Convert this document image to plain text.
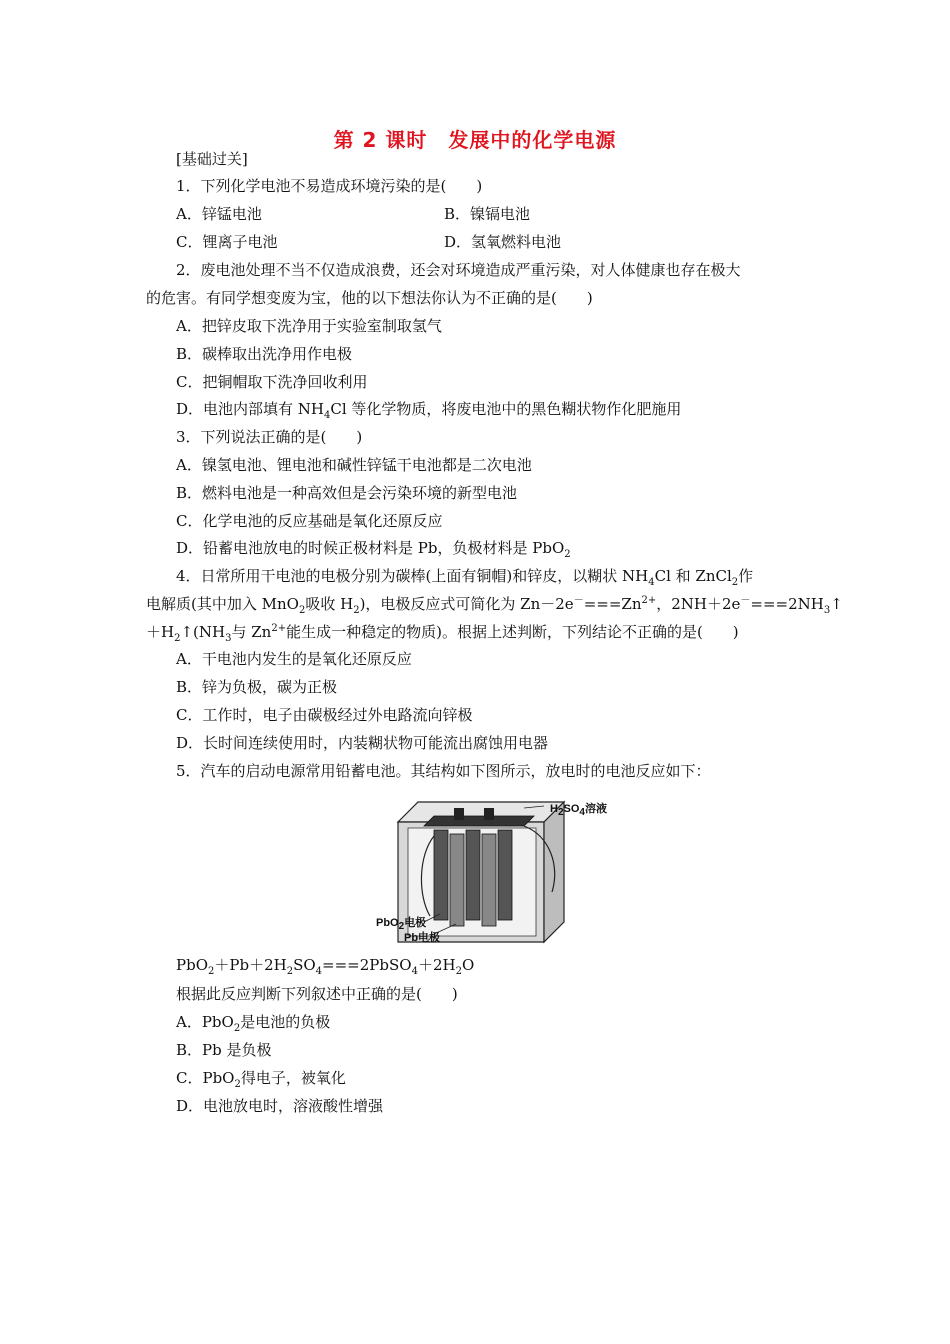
第 2 课时　发展中的化学电源
[基础过关]
1．下列化学电池不易造成环境污染的是(　　)
A．锌锰电池	B．镍镉电池
C．锂离子电池	D．氢氧燃料电池
2．废电池处理不当不仅造成浪费，还会对环境造成严重污染，对人体健康也存在极大
的危害。有同学想变废为宝，他的以下想法你认为不正确的是(　　)
A．把锌皮取下洗净用于实验室制取氢气
B．碳棒取出洗净用作电极
C．把铜帽取下洗净回收利用
D．电池内部填有 $NH_4Cl$ 等化学物质，将废电池中的黑色糊状物作化肥施用
3．下列说法正确的是(　　)
A．镍氢电池、锂电池和碱性锌锰干电池都是二次电池
B．燃料电池是一种高效但是会污染环境的新型电池
C．化学电池的反应基础是氧化还原反应
D．铅蓄电池放电的时候正极材料是 Pb，负极材料是 PbO$_2$
4．日常所用干电池的电极分别为碳棒(上面有铜帽)和锌皮，以糊状 $NH_4Cl$ 和 ZnCl$_2$作
电解质(其中加入 MnO$_2$吸收 $H_2$)，电极反应式可简化为 $Zn-2e^-===Zn^{2+}$，$2NH+2e^-===2NH_3↑$
$+H_2↑(NH_3$与 $Zn^{2+}$能生成一种稳定的物质)。根据上述判断，下列结论不正确的是(　　)
A．干电池内发生的是氧化还原反应
B．锌为负极，碳为正极
C．工作时，电子由碳极经过外电路流向锌极
D．长时间连续使用时，内装糊状物可能流出腐蚀用电器
5．汽车的启动电源常用铅蓄电池。其结构如下图所示，放电时的电池反应如下：
$H_2SO_4$溶液
PbO$_2$电极
Pb电极
$PbO_2+Pb+2H_2SO_4===2PbSO_4+2H_2O$
根据此反应判断下列叙述中正确的是(　　)
A．PbO$_2$是电池的负极
B．Pb 是负极
C．PbO$_2$得电子，被氧化
D．电池放电时，溶液酸性增强
